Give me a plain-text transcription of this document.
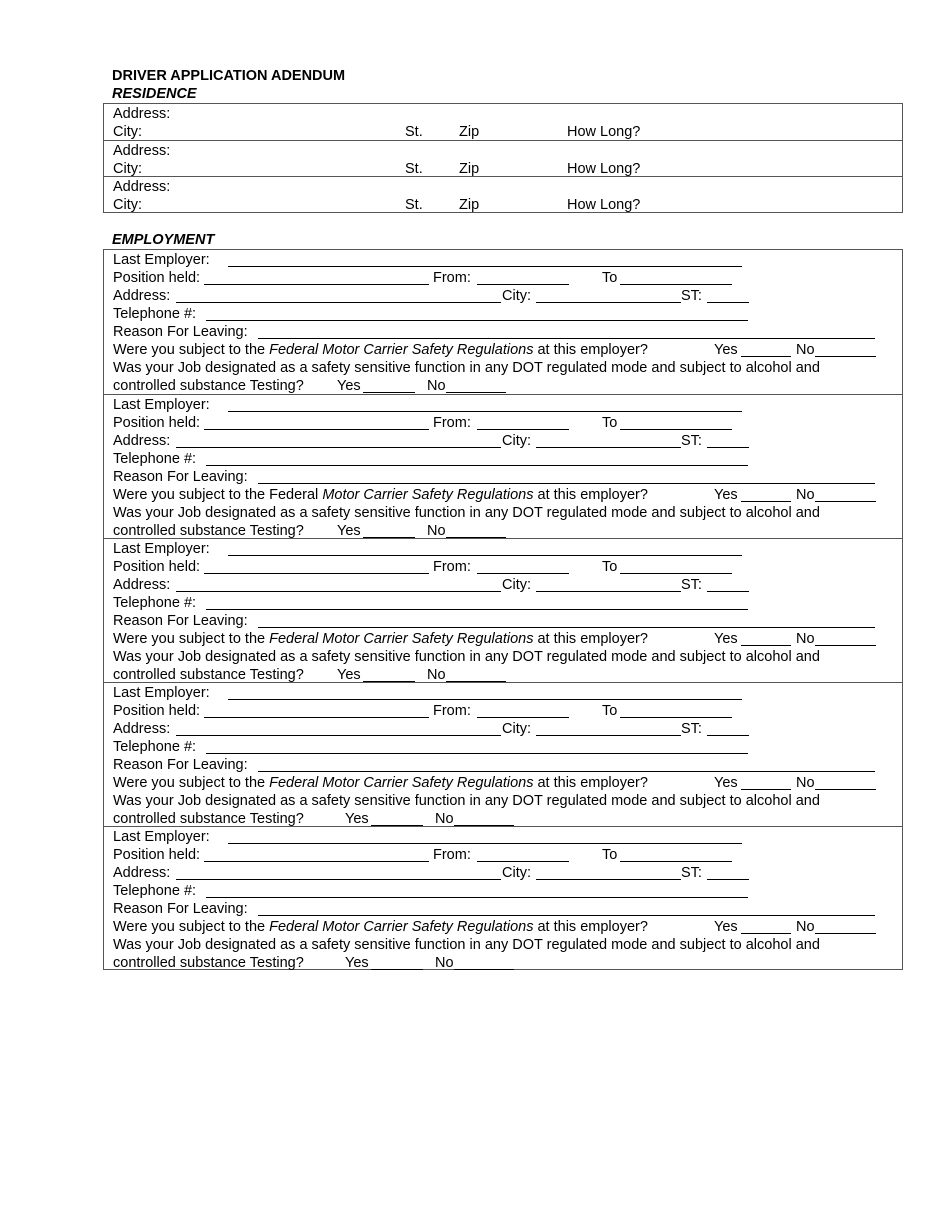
DRIVER APPLICATION ADENDUM
RESIDENCE
Address:
City:	St.	Zip	How Long?
Address:
City:	St.	Zip	How Long?
Address:
City:	St.	Zip	How Long?
EMPLOYMENT
Last Employer:
Position held:	From:	To
Address:	City:	ST:
Telephone #:
Reason For Leaving:
Were you subject to the Federal Motor Carrier Safety Regulations at this employer?	Yes	No
Was your Job designated as a safety sensitive function in any DOT regulated mode and subject to alcohol and
controlled substance Testing? Yes	No
Last Employer:
Position held:	From:	To
Address:	City:	ST:
Telephone #:
Reason For Leaving:
Were you subject to the Federal Motor Carrier Safety Regulations at this employer?	Yes	No
Was your Job designated as a safety sensitive function in any DOT regulated mode and subject to alcohol and
controlled substance Testing? Yes	No
Last Employer:
Position held:	From:	To
Address:	City:	ST:
Telephone #:
Reason For Leaving:
Were you subject to the Federal Motor Carrier Safety Regulations at this employer?	Yes	No
Was your Job designated as a safety sensitive function in any DOT regulated mode and subject to alcohol and
controlled substance Testing? Yes	No
Last Employer:
Position held:	From:	To
Address:	City:	ST:
Telephone #:
Reason For Leaving:
Were you subject to the Federal Motor Carrier Safety Regulations at this employer?	Yes	No
Was your Job designated as a safety sensitive function in any DOT regulated mode and subject to alcohol and
controlled substance Testing?	Yes	No
Last Employer:
Position held:	From:	To
Address:	City:	ST:
Telephone #:
Reason For Leaving:
Were you subject to the Federal Motor Carrier Safety Regulations at this employer?	Yes	No
Was your Job designated as a safety sensitive function in any DOT regulated mode and subject to alcohol and
controlled substance Testing?	Yes	No
